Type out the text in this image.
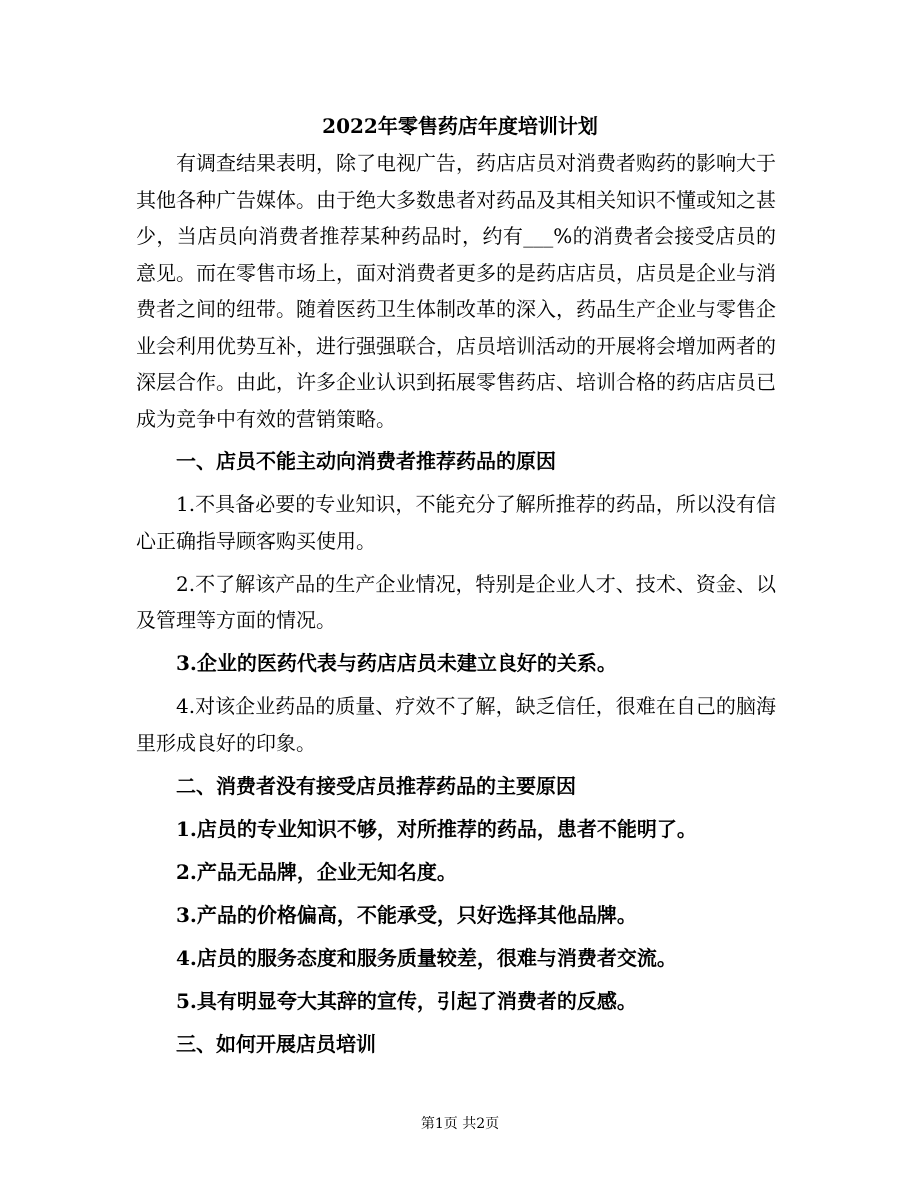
2022年零售药店年度培训计划

有调查结果表明，除了电视广告，药店店员对消费者购药的影响大于其他各种广告媒体。由于绝大多数患者对药品及其相关知识不懂或知之甚少，当店员向消费者推荐某种药品时，约有___%的消费者会接受店员的意见。而在零售市场上，面对消费者更多的是药店店员，店员是企业与消费者之间的纽带。随着医药卫生体制改革的深入，药品生产企业与零售企业会利用优势互补，进行强强联合，店员培训活动的开展将会增加两者的深层合作。由此，许多企业认识到拓展零售药店、培训合格的药店店员已成为竞争中有效的营销策略。

一、店员不能主动向消费者推荐药品的原因

1.不具备必要的专业知识，不能充分了解所推荐的药品，所以没有信心正确指导顾客购买使用。

2.不了解该产品的生产企业情况，特别是企业人才、技术、资金、以及管理等方面的情况。

3.企业的医药代表与药店店员未建立良好的关系。

4.对该企业药品的质量、疗效不了解，缺乏信任，很难在自己的脑海里形成良好的印象。

二、消费者没有接受店员推荐药品的主要原因

1.店员的专业知识不够，对所推荐的药品，患者不能明了。

2.产品无品牌，企业无知名度。

3.产品的价格偏高，不能承受，只好选择其他品牌。

4.店员的服务态度和服务质量较差，很难与消费者交流。

5.具有明显夸大其辞的宣传，引起了消费者的反感。

三、如何开展店员培训

第1页 共2页
